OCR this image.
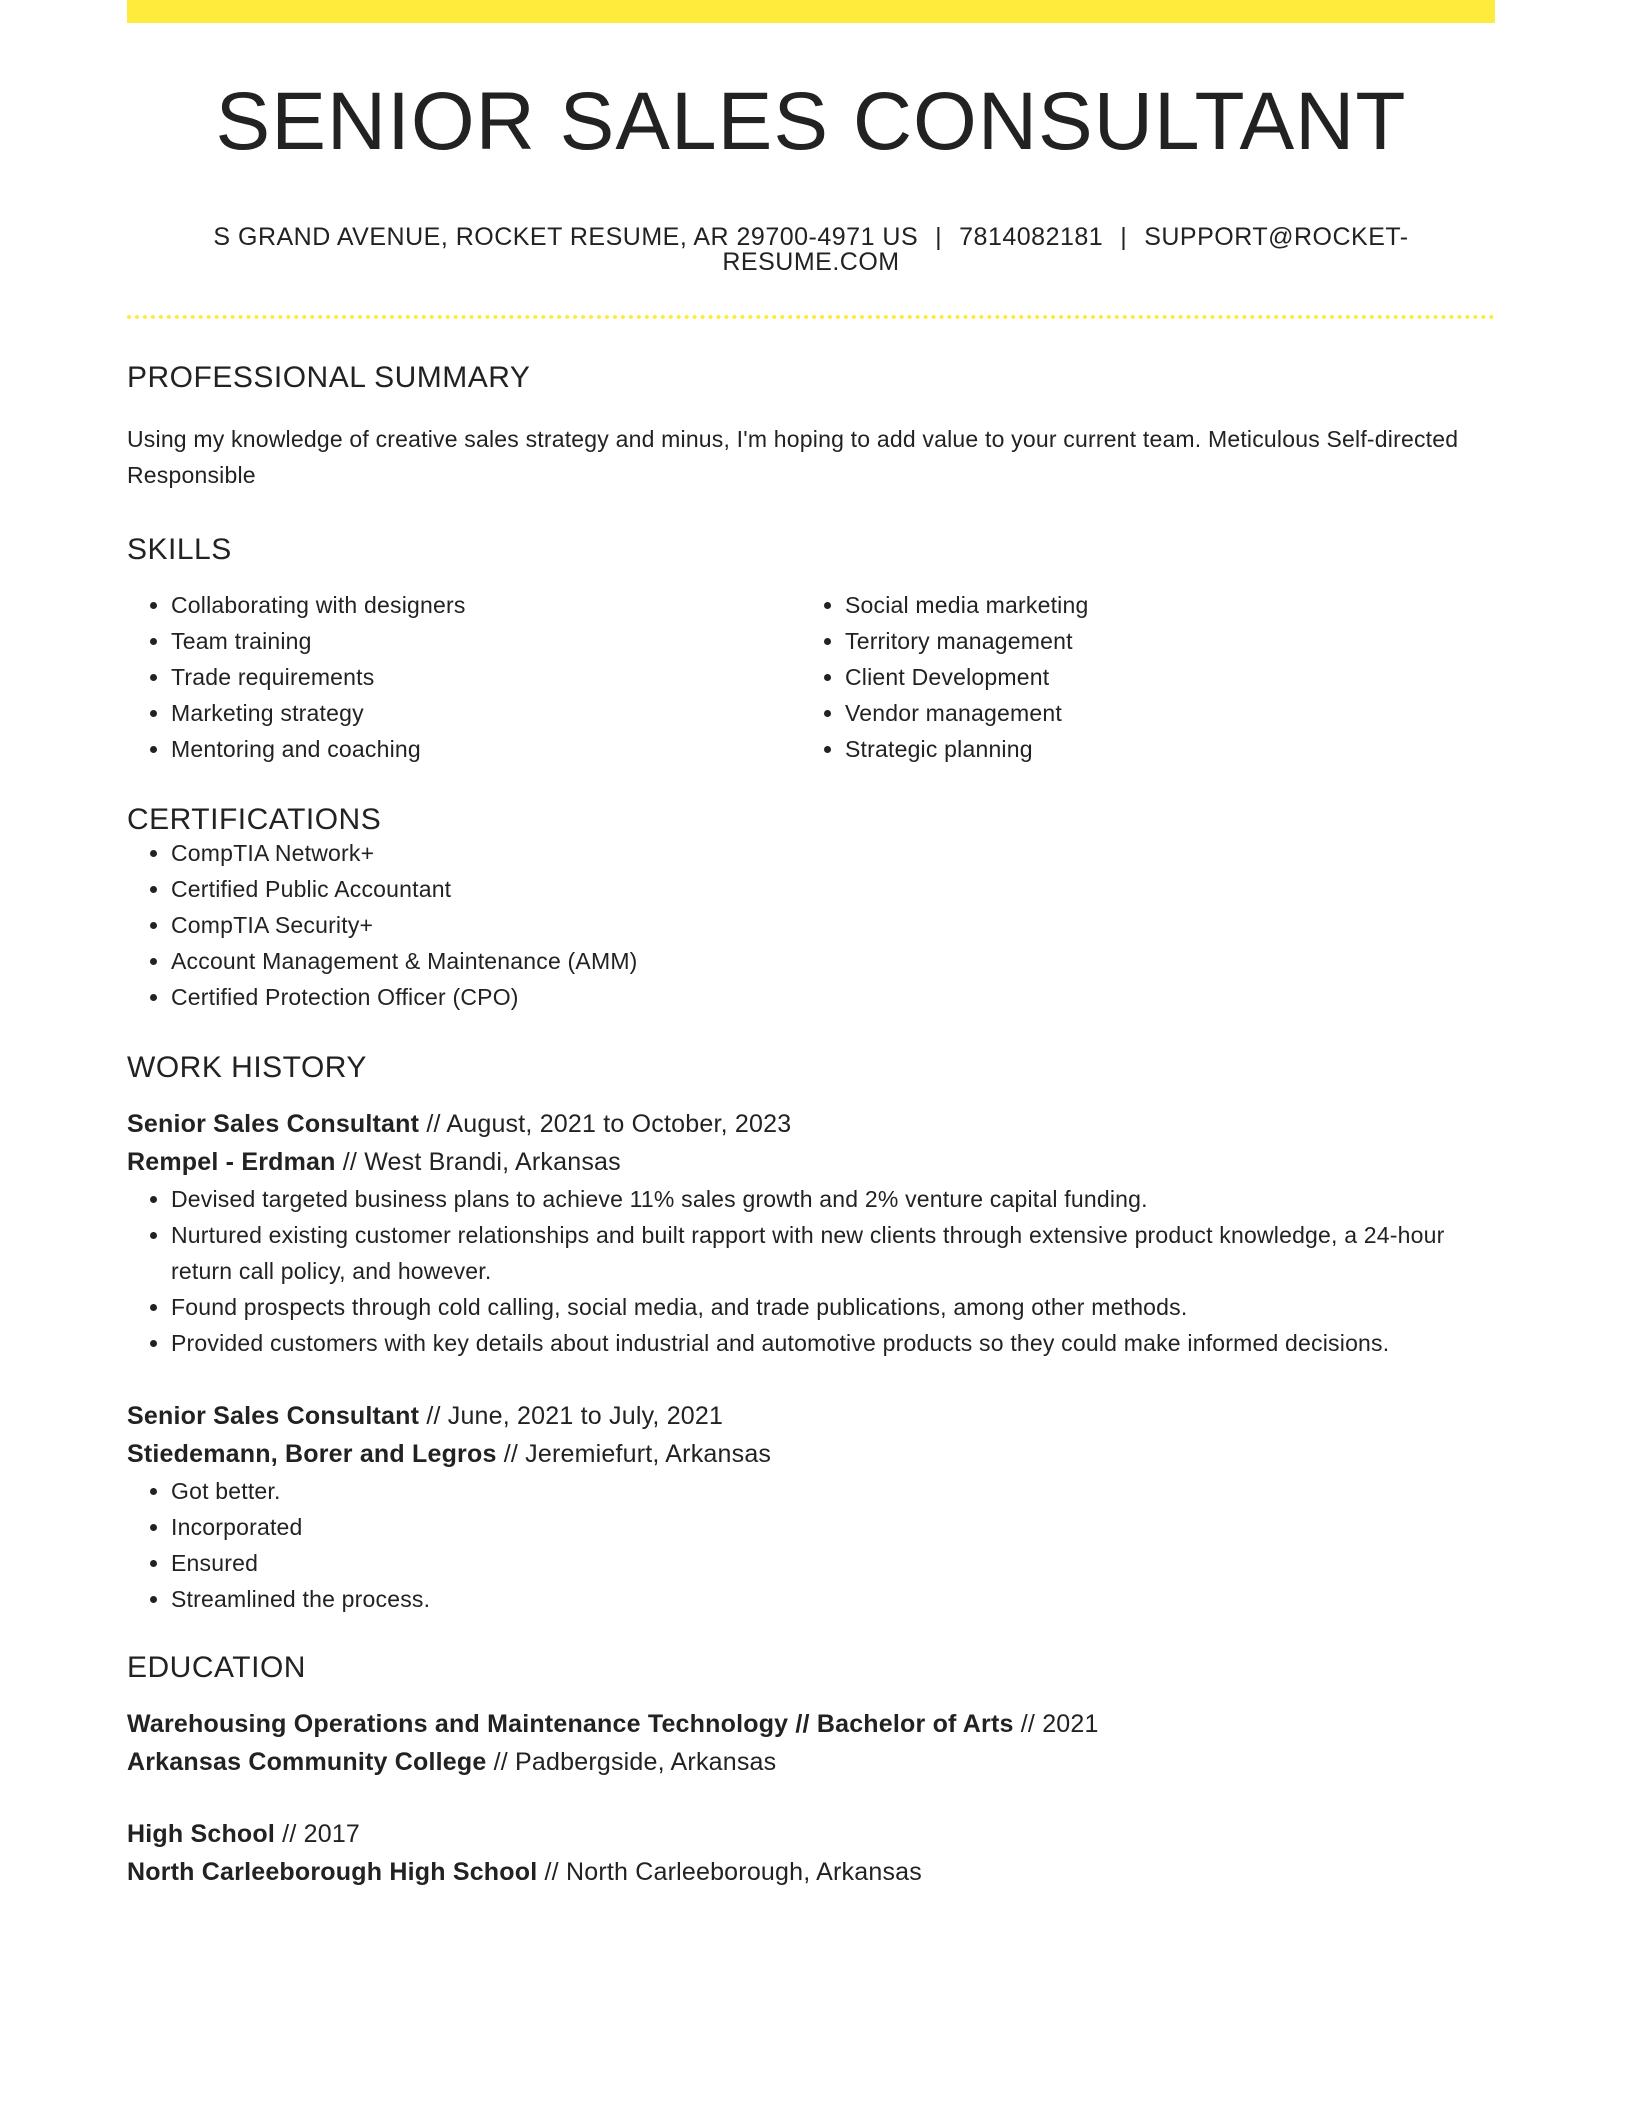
SENIOR SALES CONSULTANT
S GRAND AVENUE, ROCKET RESUME, AR 29700-4971 US | 7814082181 | SUPPORT@ROCKET-RESUME.COM
PROFESSIONAL SUMMARY
Using my knowledge of creative sales strategy and minus, I'm hoping to add value to your current team. Meticulous Self-directed Responsible
SKILLS
• Collaborating with designers
• Team training
• Trade requirements
• Marketing strategy
• Mentoring and coaching
• Social media marketing
• Territory management
• Client Development
• Vendor management
• Strategic planning
CERTIFICATIONS
• CompTIA Network+
• Certified Public Accountant
• CompTIA Security+
• Account Management & Maintenance (AMM)
• Certified Protection Officer (CPO)
WORK HISTORY
Senior Sales Consultant // August, 2021 to October, 2023
Rempel - Erdman // West Brandi, Arkansas
• Devised targeted business plans to achieve 11% sales growth and 2% venture capital funding.
• Nurtured existing customer relationships and built rapport with new clients through extensive product knowledge, a 24-hour return call policy, and however.
• Found prospects through cold calling, social media, and trade publications, among other methods.
• Provided customers with key details about industrial and automotive products so they could make informed decisions.
Senior Sales Consultant // June, 2021 to July, 2021
Stiedemann, Borer and Legros // Jeremiefurt, Arkansas
• Got better.
• Incorporated
• Ensured
• Streamlined the process.
EDUCATION
Warehousing Operations and Maintenance Technology // Bachelor of Arts // 2021
Arkansas Community College // Padbergside, Arkansas
High School // 2017
North Carleeborough High School // North Carleeborough, Arkansas
